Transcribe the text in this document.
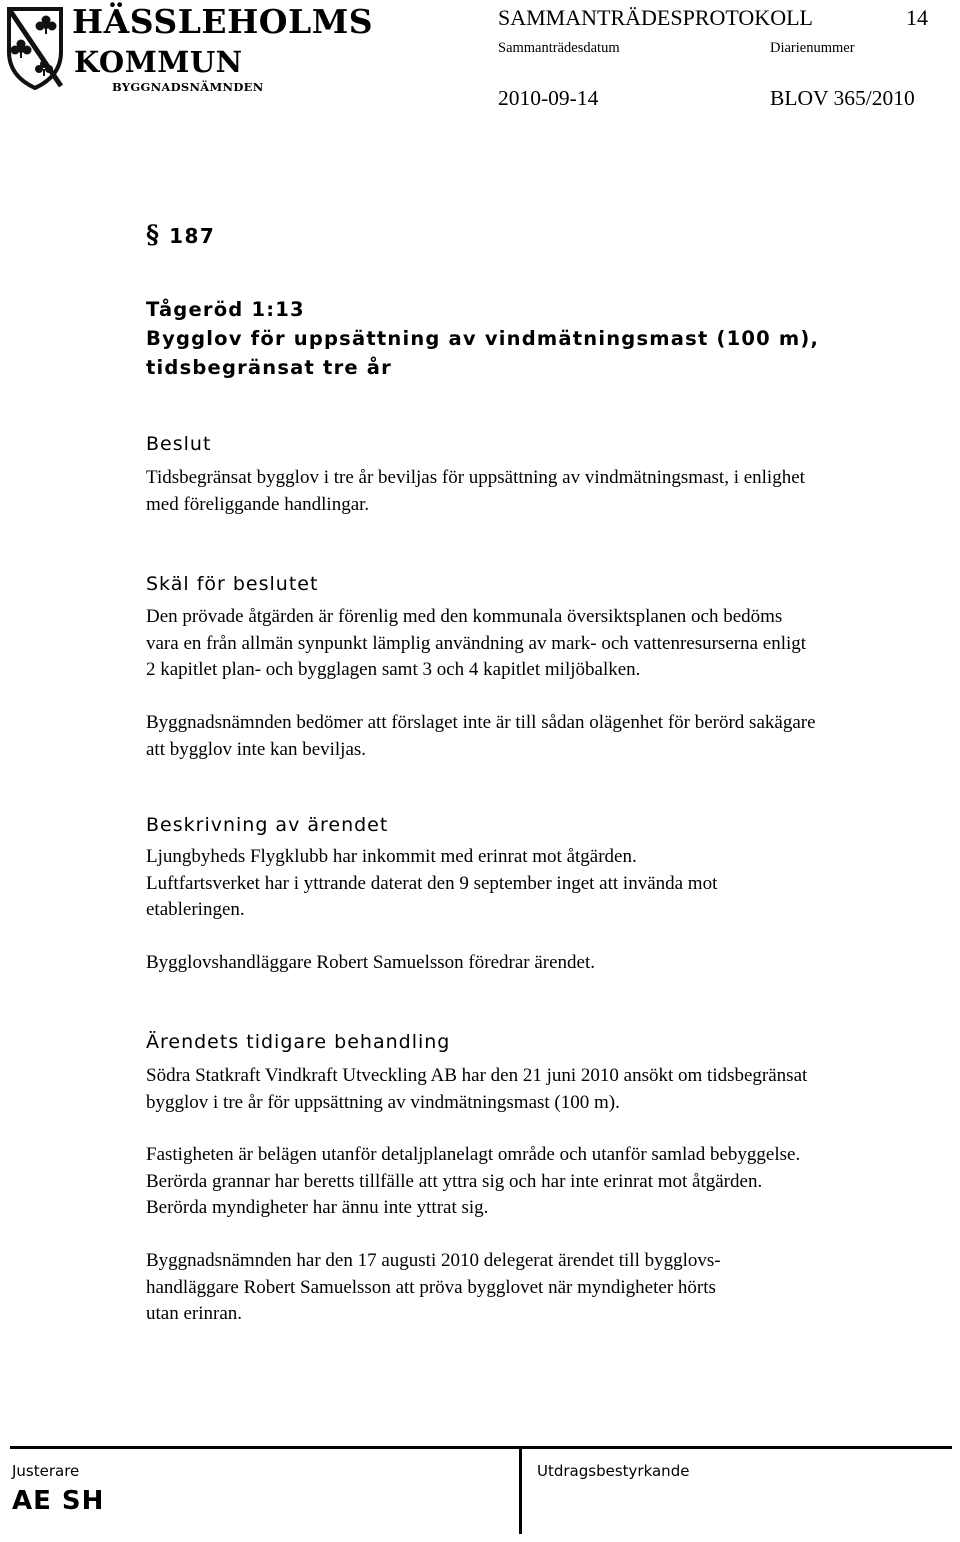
HÄSSLEHOLMS
KOMMUN
BYGGNADSNÄMNDEN
SAMMANTRÄDESPROTOKOLL	14
Sammanträdesdatum	Diarienummer
2010-09-14	BLOV 365/2010
§ 187
Tågeröd 1:13
Bygglov för uppsättning av vindmätningsmast (100 m),
tidsbegränsat tre år
Beslut
Tidsbegränsat bygglov i tre år beviljas för uppsättning av vindmätningsmast, i enlighet
med föreliggande handlingar.
Skäl för beslutet
Den prövade åtgärden är förenlig med den kommunala översiktsplanen och bedöms
vara en från allmän synpunkt lämplig användning av mark- och vattenresurserna enligt
2 kapitlet plan- och bygglagen samt 3 och 4 kapitlet miljöbalken.
Byggnadsnämnden bedömer att förslaget inte är till sådan olägenhet för berörd sakägare
att bygglov inte kan beviljas.
Beskrivning av ärendet
Ljungbyheds Flygklubb har inkommit med erinrat mot åtgärden.
Luftfartsverket har i yttrande daterat den 9 september inget att invända mot
etableringen.
Bygglovshandläggare Robert Samuelsson föredrar ärendet.
Ärendets tidigare behandling
Södra Statkraft Vindkraft Utveckling AB har den 21 juni 2010 ansökt om tidsbegränsat
bygglov i tre år för uppsättning av vindmätningsmast (100 m).
Fastigheten är belägen utanför detaljplanelagt område och utanför samlad bebyggelse.
Berörda grannar har beretts tillfälle att yttra sig och har inte erinrat mot åtgärden.
Berörda myndigheter har ännu inte yttrat sig.
Byggnadsnämnden har den 17 augusti 2010 delegerat ärendet till bygglovs-
handläggare Robert Samuelsson att pröva bygglovet när myndigheter hörts
utan erinran.
Justerare
AE SH
Utdragsbestyrkande
